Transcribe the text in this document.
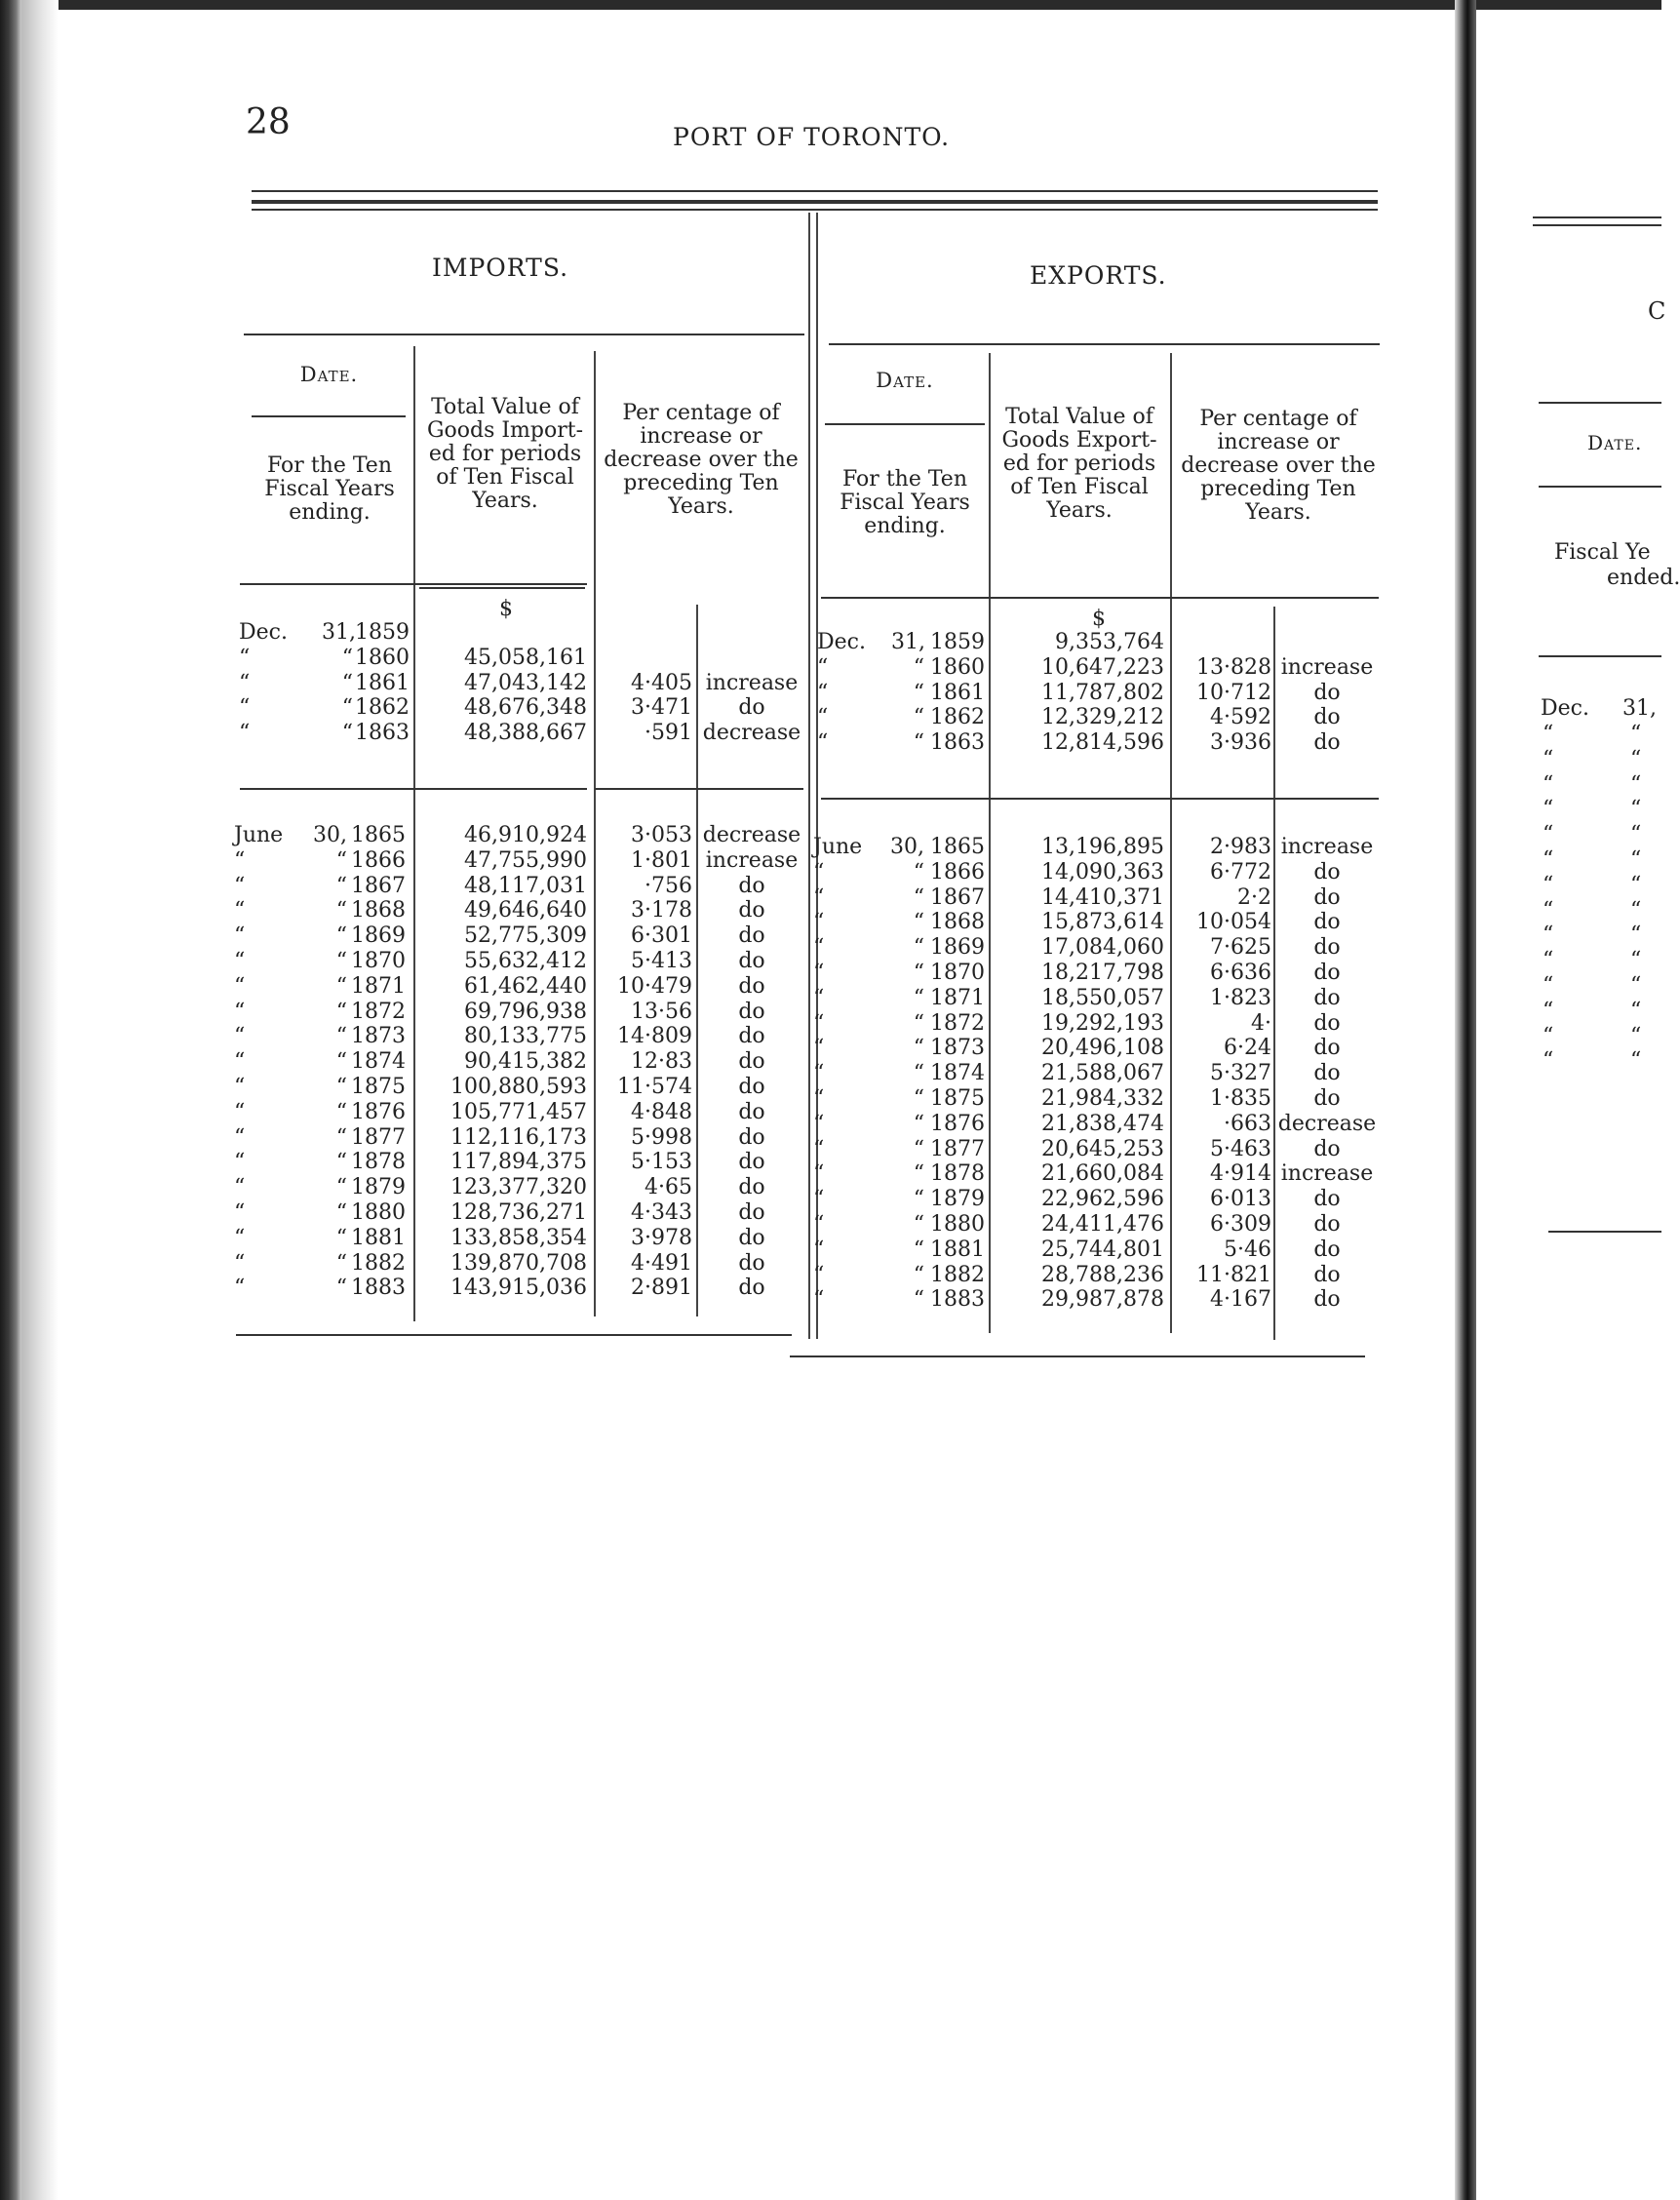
28	PORT OF TORONTO.
IMPORTS.
Date.
For the Ten Fiscal Years ending.
Total Value of Goods Import-ed for periods of Ten Fiscal Years.
Per centage of increase or decrease over the preceding Ten Years.
$
Dec.
“
“
“
“
31,
“
“
“
“
1859
1860
1861
1862
1863
45,058,161
47,043,142
48,676,348
48,388,667
4·405
3·471
·591
increase
do
decrease
June
“
“
“
“
“
“
“
“
“
“
“
“
“
“
“
“
“
“
30,
“
“
“
“
“
“
“
“
“
“
“
“
“
“
“
“
“
“
1865
1866
1867
1868
1869
1870
1871
1872
1873
1874
1875
1876
1877
1878
1879
1880
1881
1882
1883
46,910,924
47,755,990
48,117,031
49,646,640
52,775,309
55,632,412
61,462,440
69,796,938
80,133,775
90,415,382
100,880,593
105,771,457
112,116,173
117,894,375
123,377,320
128,736,271
133,858,354
139,870,708
143,915,036
3·053
1·801
·756
3·178
6·301
5·413
10·479
13·56
14·809
12·83
11·574
4·848
5·998
5·153
4·65
4·343
3·978
4·491
2·891
decrease
increase
do
do
do
do
do
do
do
do
do
do
do
do
do
do
do
do
do
EXPORTS.
Date.
For the Ten Fiscal Years ending.
Total Value of Goods Export-ed for periods of Ten Fiscal Years.
Per centage of increase or decrease over the preceding Ten Years.
$
Dec.
“
“
“
“
31,
“
“
“
“
1859
1860
1861
1862
1863
9,353,764
10,647,223
11,787,802
12,329,212
12,814,596
13·828
10·712
4·592
3·936
increase
do
do
do
June
“
“
“
“
“
“
“
“
“
“
“
“
“
“
“
“
“
“
30,
“
“
“
“
“
“
“
“
“
“
“
“
“
“
“
“
“
“
1865
1866
1867
1868
1869
1870
1871
1872
1873
1874
1875
1876
1877
1878
1879
1880
1881
1882
1883
13,196,895
14,090,363
14,410,371
15,873,614
17,084,060
18,217,798
18,550,057
19,292,193
20,496,108
21,588,067
21,984,332
21,838,474
20,645,253
21,660,084
22,962,596
24,411,476
25,744,801
28,788,236
29,987,878
2·983
6·772
2·2
10·054
7·625
6·636
1·823
4·
6·24
5·327
1·835
·663
5·463
4·914
6·013
6·309
5·46
11·821
4·167
increase
do
do
do
do
do
do
do
do
do
do
decrease
do
increase
do
do
do
do
do
C
Date.
Fiscal Ye
ended.
Dec. 31,
“
“
“
“
“
“
“
“
“
“
“
“
“
“
“
“
“
“
“
“
“
“
“
“
“
“
“
“
